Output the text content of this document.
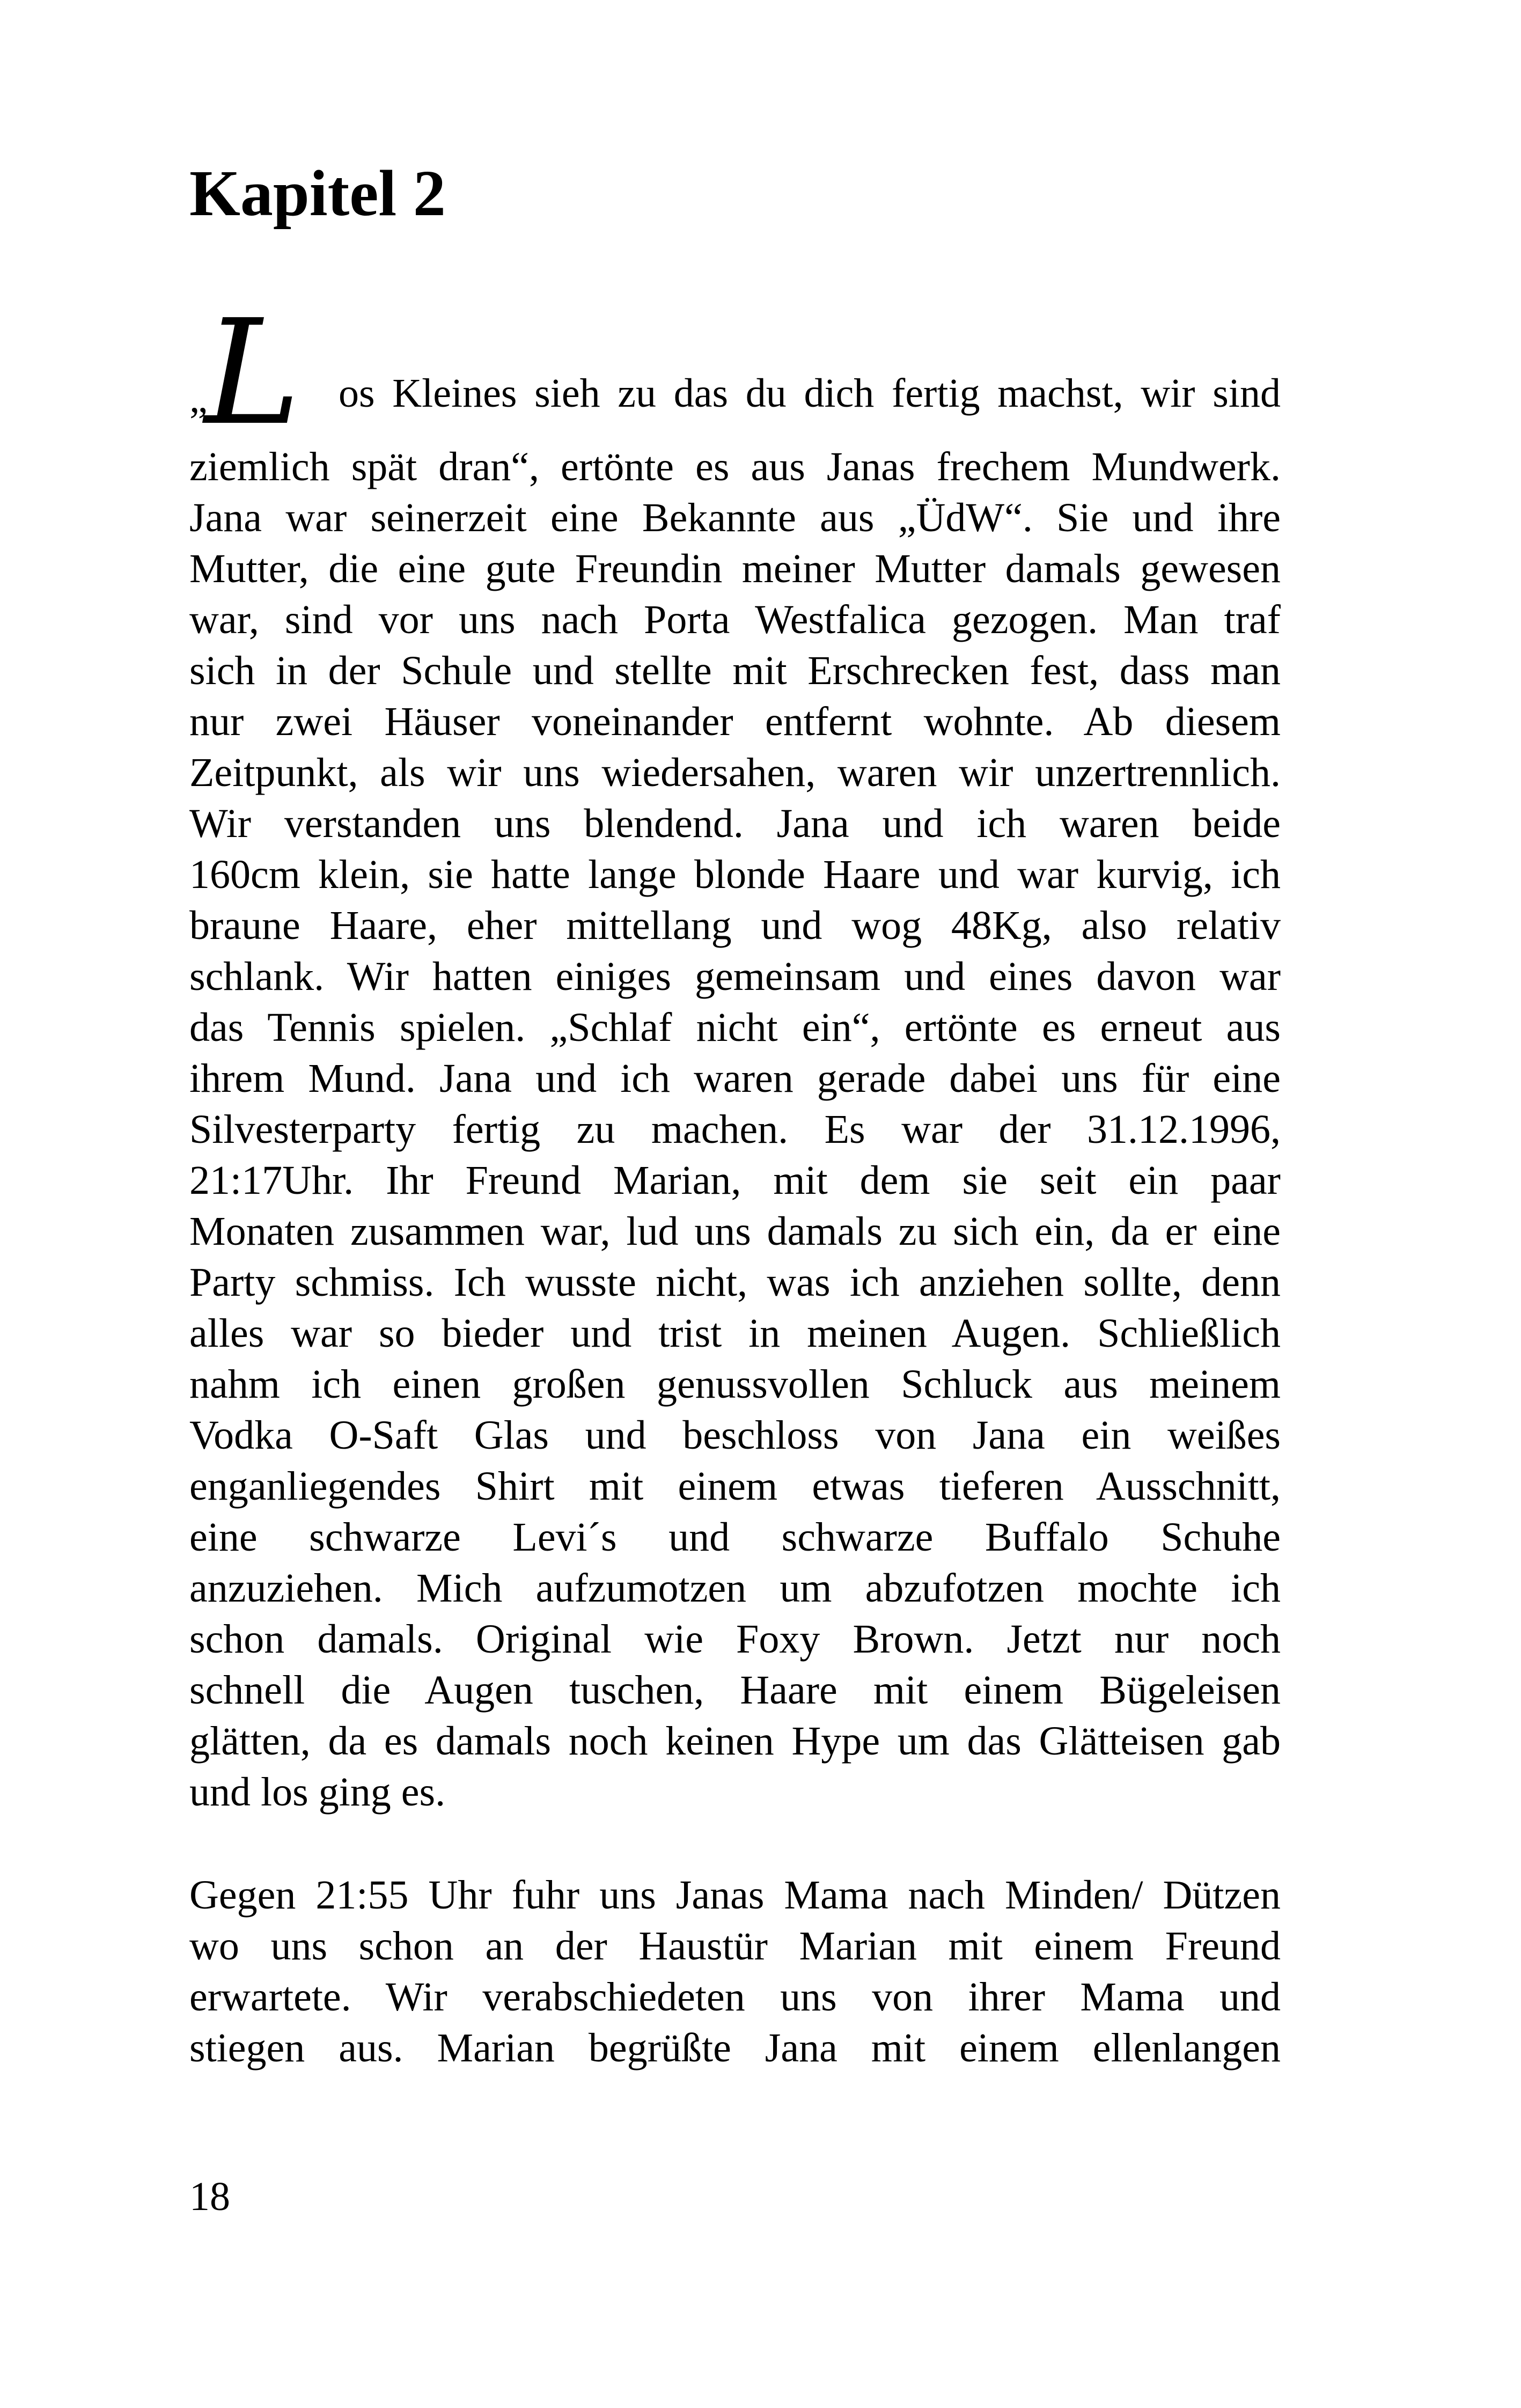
Kapitel 2
„
L os Kleines sieh zu das du dich fertig machst, wir sind
ziemlich spät dran“, ertönte es aus Janas frechem Mundwerk.
Jana war seinerzeit eine Bekannte aus „ÜdW“. Sie und ihre
Mutter, die eine gute Freundin meiner Mutter damals gewesen
war, sind vor uns nach Porta Westfalica gezogen. Man traf
sich in der Schule und stellte mit Erschrecken fest, dass man
nur zwei Häuser voneinander entfernt wohnte. Ab diesem
Zeitpunkt, als wir uns wiedersahen, waren wir unzertrennlich.
Wir verstanden uns blendend. Jana und ich waren beide
160cm klein, sie hatte lange blonde Haare und war kurvig, ich
braune Haare, eher mittellang und wog 48Kg, also relativ
schlank. Wir hatten einiges gemeinsam und eines davon war
das Tennis spielen. „Schlaf nicht ein“, ertönte es erneut aus
ihrem Mund. Jana und ich waren gerade dabei uns für eine
Silvesterparty fertig zu machen. Es war der 31.12.1996,
21:17Uhr. Ihr Freund Marian, mit dem sie seit ein paar
Monaten zusammen war, lud uns damals zu sich ein, da er eine
Party schmiss. Ich wusste nicht, was ich anziehen sollte, denn
alles war so bieder und trist in meinen Augen. Schließlich
nahm ich einen großen genussvollen Schluck aus meinem
Vodka O-Saft Glas und beschloss von Jana ein weißes
enganliegendes Shirt mit einem etwas tieferen Ausschnitt,
eine schwarze Levi´s und schwarze Buffalo Schuhe
anzuziehen. Mich aufzumotzen um abzufotzen mochte ich
schon damals. Original wie Foxy Brown. Jetzt nur noch
schnell die Augen tuschen, Haare mit einem Bügeleisen
glätten, da es damals noch keinen Hype um das Glätteisen gab
und los ging es.
Gegen 21:55 Uhr fuhr uns Janas Mama nach Minden/ Dützen
wo uns schon an der Haustür Marian mit einem Freund
erwartete. Wir verabschiedeten uns von ihrer Mama und
stiegen aus. Marian begrüßte Jana mit einem ellenlangen
18
